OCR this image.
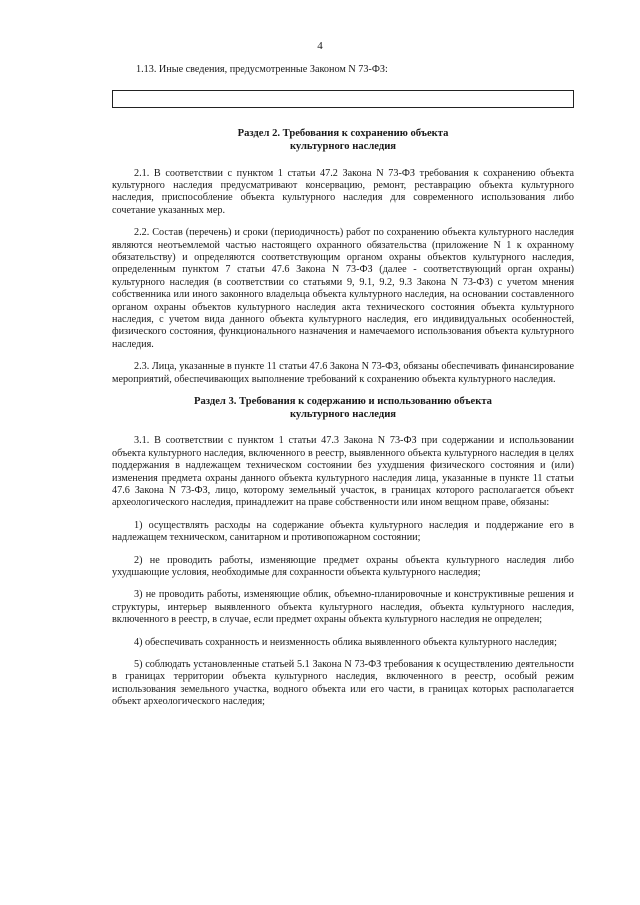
4

1.13. Иные сведения, предусмотренные Законом N 73-ФЗ:

Раздел 2. Требования к сохранению объекта
культурного наследия

2.1. В соответствии с пунктом 1 статьи 47.2 Закона N 73-ФЗ требования к сохранению объекта культурного наследия предусматривают консервацию, ремонт, реставрацию объекта культурного наследия, приспособление объекта культурного наследия для современного использования либо сочетание указанных мер.

2.2. Состав (перечень) и сроки (периодичность) работ по сохранению объекта культурного наследия являются неотъемлемой частью настоящего охранного обязательства (приложение N 1 к охранному обязательству) и определяются соответствующим органом охраны объектов культурного наследия, определенным пунктом 7 статьи 47.6 Закона N 73-ФЗ (далее - соответствующий орган охраны) культурного наследия (в соответствии со статьями 9, 9.1, 9.2, 9.3 Закона N 73-ФЗ) с учетом мнения собственника или иного законного владельца объекта культурного наследия, на основании составленного органом охраны объектов культурного наследия акта технического состояния объекта культурного наследия, с учетом вида данного объекта культурного наследия, его индивидуальных особенностей, физического состояния, функционального назначения и намечаемого использования объекта культурного наследия.

2.3. Лица, указанные в пункте 11 статьи 47.6 Закона N 73-ФЗ, обязаны обеспечивать финансирование мероприятий, обеспечивающих выполнение требований к сохранению объекта культурного наследия.

Раздел 3. Требования к содержанию и использованию объекта
культурного наследия

3.1. В соответствии с пунктом 1 статьи 47.3 Закона N 73-ФЗ при содержании и использовании объекта культурного наследия, включенного в реестр, выявленного объекта культурного наследия в целях поддержания в надлежащем техническом состоянии без ухудшения физического состояния и (или) изменения предмета охраны данного объекта культурного наследия лица, указанные в пункте 11 статьи 47.6 Закона N 73-ФЗ, лицо, которому земельный участок, в границах которого располагается объект археологического наследия, принадлежит на праве собственности или ином вещном праве, обязаны:

1) осуществлять расходы на содержание объекта культурного наследия и поддержание его в надлежащем техническом, санитарном и противопожарном состоянии;

2) не проводить работы, изменяющие предмет охраны объекта культурного наследия либо ухудшающие условия, необходимые для сохранности объекта культурного наследия;

3) не проводить работы, изменяющие облик, объемно-планировочные и конструктивные решения и структуры, интерьер выявленного объекта культурного наследия, объекта культурного наследия, включенного в реестр, в случае, если предмет охраны объекта культурного наследия не определен;

4) обеспечивать сохранность и неизменность облика выявленного объекта культурного наследия;

5) соблюдать установленные статьей 5.1 Закона N 73-ФЗ требования к осуществлению деятельности в границах территории объекта культурного наследия, включенного в реестр, особый режим использования земельного участка, водного объекта или его части, в границах которых располагается объект археологического наследия;
